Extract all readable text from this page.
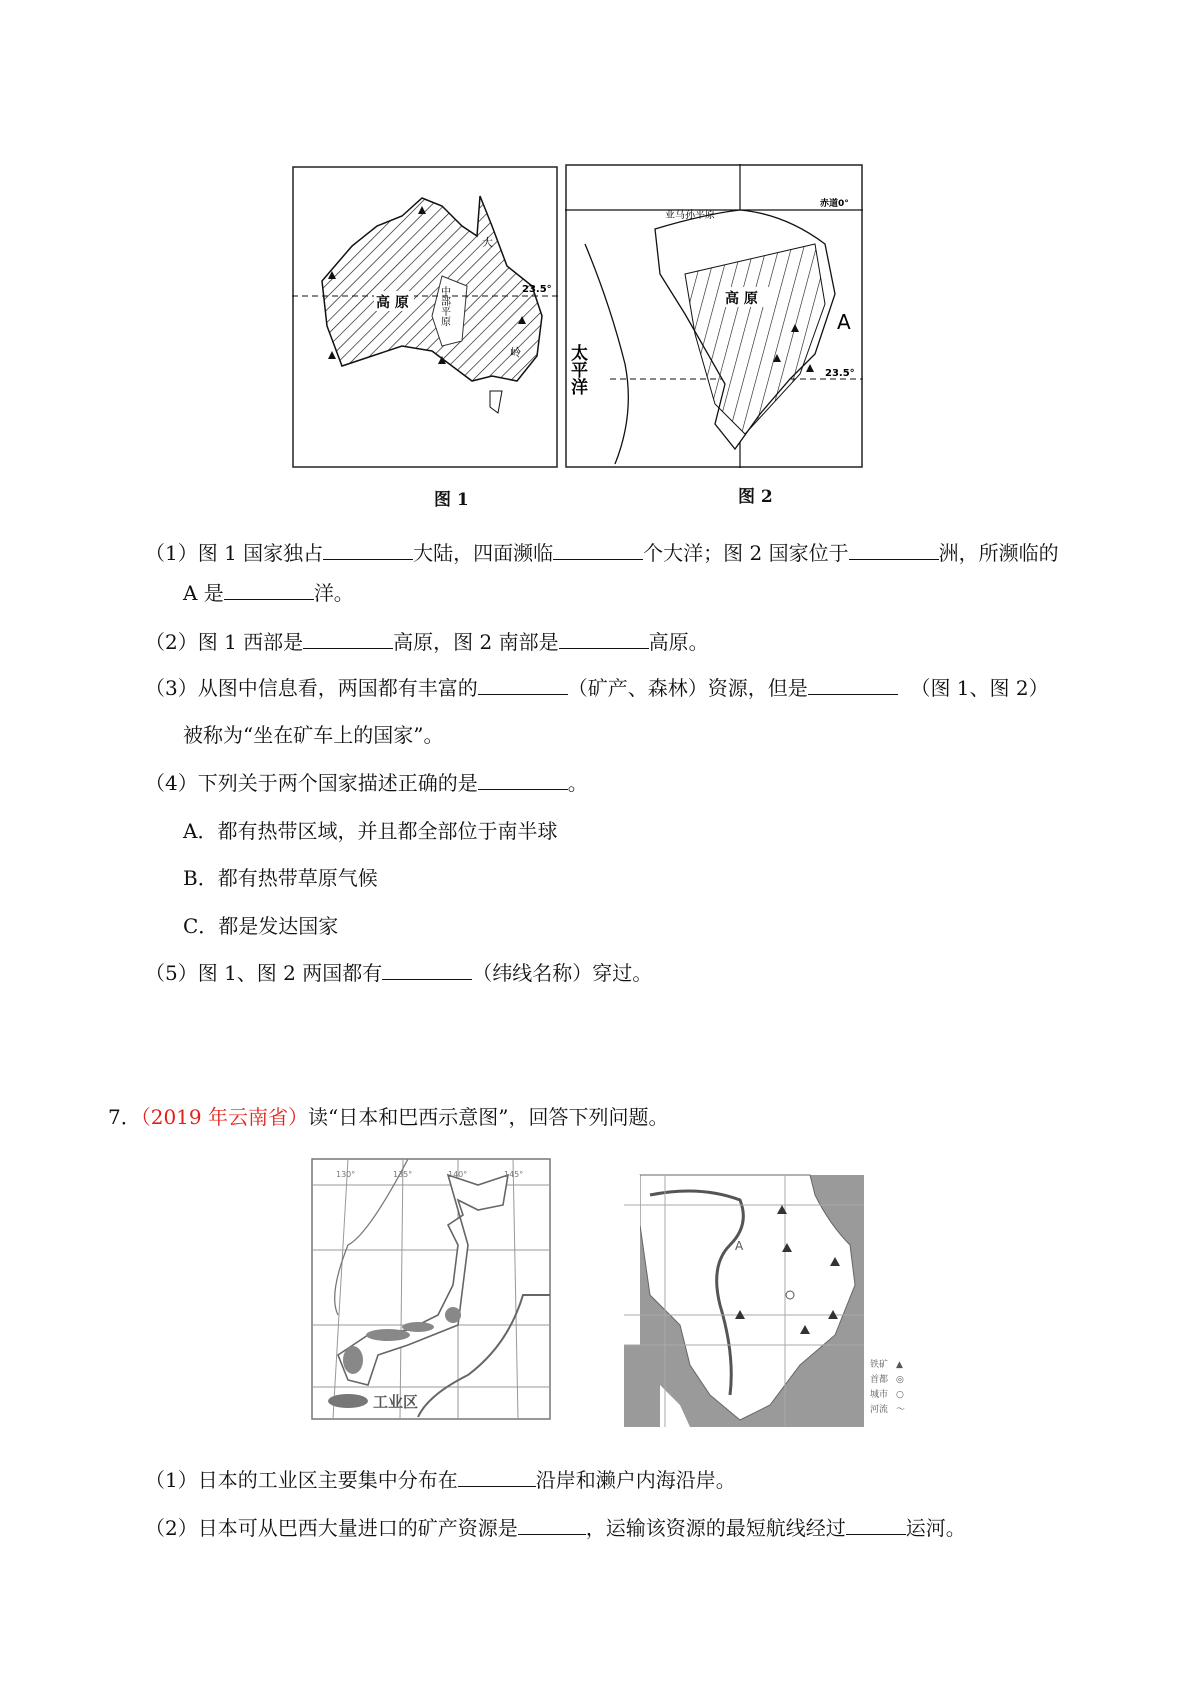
高 原
23.5°
大
岭
中部平原
图 1
高 原
亚马孙平原
赤道0°
23.5°
A
太平洋
图 2
（1）图 1 国家独占	大陆，四面濒临	个大洋；图 2 国家位于	洲，所濒临的
A 是	洋。
（2）图 1 西部是	高原，图 2 南部是	高原。
（3）从图中信息看，两国都有丰富的	（矿产、森林）资源，但是	（图 1、图 2）
被称为“坐在矿车上的国家”。
（4）下列关于两个国家描述正确的是	。
A．都有热带区域，并且都全部位于南半球
B．都有热带草原气候
C．都是发达国家
（5）图 1、图 2 两国都有	（纬线名称）穿过。
7．（2019 年云南省）读“日本和巴西示意图”，回答下列问题。
工业区
130°	135°	140°	145°
A
铁矿 ▲
首都 ◎
城市 ○
河流 〜
（1）日本的工业区主要集中分布在	沿岸和濑户内海沿岸。
（2）日本可从巴西大量进口的矿产资源是	，运输该资源的最短航线经过	运河。
